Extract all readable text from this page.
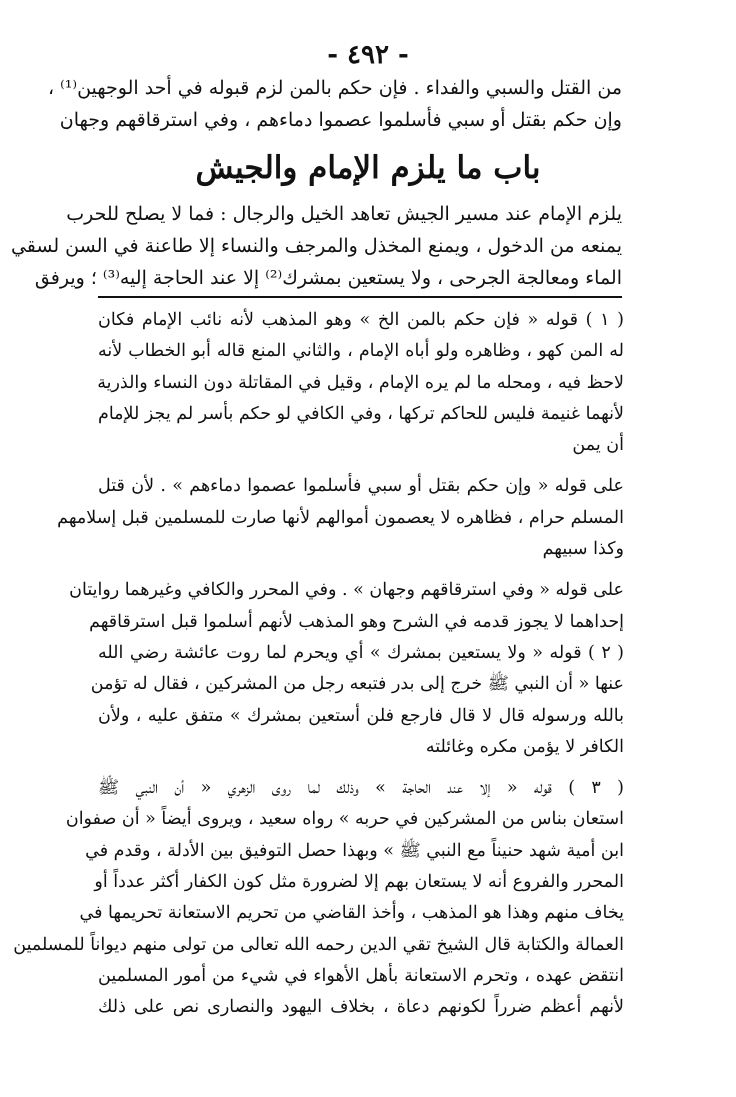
- ٤٩٢ -
من القتل والسبي والفداء . فإن حكم بالمن لزم قبوله في أحد الوجهين⁽¹⁾ ،
وإن حكم بقتل أو سبي فأسلموا عصموا دماءهم ، وفي استرقاقهم وجهان
باب ما يلزم الإمام والجيش
يلزم الإمام عند مسير الجيش تعاهد الخيل والرجال : فما لا يصلح للحرب
يمنعه من الدخول ، ويمنع المخذل والمرجف والنساء إلا طاعنة في السن لسقي
الماء ومعالجة الجرحى ، ولا يستعين بمشرك⁽²⁾ إلا عند الحاجة إليه⁽³⁾ ؛ ويرفق
( ١ ) قوله « فإن حكم بالمن الخ » وهو المذهب لأنه نائب الإمام فكان
له المن كهو ، وظاهره ولو أباه الإمام ، والثاني المنع قاله أبو الخطاب لأنه
لاحظ فيه ، ومحله ما لم يره الإمام ، وقيل في المقاتلة دون النساء والذرية
لأنهما غنيمة فليس للحاكم تركها ، وفي الكافي لو حكم بأسر لم يجز للإمام
أن يمن
على قوله « وإن حكم بقتل أو سبي فأسلموا عصموا دماءهم » . لأن قتل
المسلم حرام ، فظاهره لا يعصمون أموالهم لأنها صارت للمسلمين قبل إسلامهم
وكذا سبيهم
على قوله « وفي استرقاقهم وجهان » . وفي المحرر والكافي وغيرهما روايتان
إحداهما لا يجوز قدمه في الشرح وهو المذهب لأنهم أسلموا قبل استرقاقهم
( ٢ ) قوله « ولا يستعين بمشرك » أي ويحرم لما روت عائشة رضي الله
عنها « أن النبي ﷺ خرج إلى بدر فتبعه رجل من المشركين ، فقال له تؤمن
بالله ورسوله قال لا قال فارجع فلن أستعين بمشرك » متفق عليه ، ولأن
الكافر لا يؤمن مكره وغائلته
( ٣ ) قوله « إلا عند الحاجة » وذلك لما روى الزهري « أن النبي ﷺ
استعان بناس من المشركين في حربه » رواه سعيد ، ويروى أيضاً « أن صفوان
ابن أمية شهد حنيناً مع النبي ﷺ » وبهذا حصل التوفيق بين الأدلة ، وقدم في
المحرر والفروع أنه لا يستعان بهم إلا لضرورة مثل كون الكفار أكثر عدداً أو
يخاف منهم وهذا هو المذهب ، وأخذ القاضي من تحريم الاستعانة تحريمها في
العمالة والكتابة قال الشيخ تقي الدين رحمه الله تعالى من تولى منهم ديواناً للمسلمين
انتقض عهده ، وتحرم الاستعانة بأهل الأهواء في شيء من أمور المسلمين
لأنهم أعظم ضرراً لكونهم دعاة ، بخلاف اليهود والنصارى نص على ذلك
